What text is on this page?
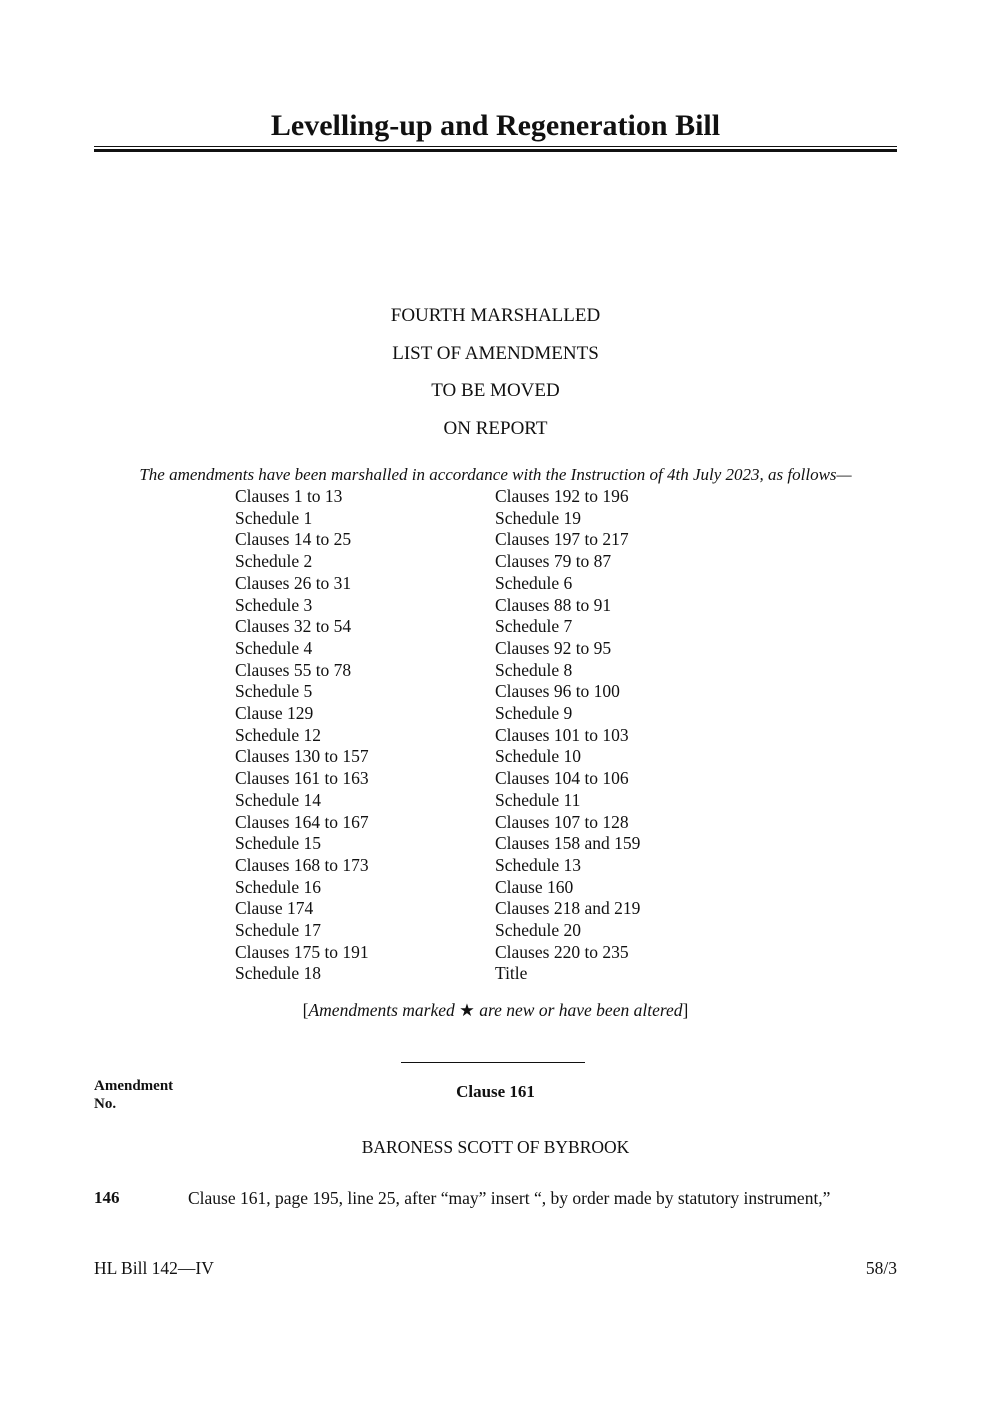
Levelling-up and Regeneration Bill
FOURTH MARSHALLED
LIST OF AMENDMENTS
TO BE MOVED
ON REPORT
The amendments have been marshalled in accordance with the Instruction of 4th July 2023, as follows—
Clauses 1 to 13
Schedule 1
Clauses 14 to 25
Schedule 2
Clauses 26 to 31
Schedule 3
Clauses 32 to 54
Schedule 4
Clauses 55 to 78
Schedule 5
Clause 129
Schedule 12
Clauses 130 to 157
Clauses 161 to 163
Schedule 14
Clauses 164 to 167
Schedule 15
Clauses 168 to 173
Schedule 16
Clause 174
Schedule 17
Clauses 175 to 191
Schedule 18
Clauses 192 to 196
Schedule 19
Clauses 197 to 217
Clauses 79 to 87
Schedule 6
Clauses 88 to 91
Schedule 7
Clauses 92 to 95
Schedule 8
Clauses 96 to 100
Schedule 9
Clauses 101 to 103
Schedule 10
Clauses 104 to 106
Schedule 11
Clauses 107 to 128
Clauses 158 and 159
Schedule 13
Clause 160
Clauses 218 and 219
Schedule 20
Clauses 220 to 235
Title
[Amendments marked ★ are new or have been altered]
Amendment
No.
Clause 161
BARONESS SCOTT OF BYBROOK
146	Clause 161, page 195, line 25, after “may” insert “, by order made by statutory instrument,”
HL Bill 142—IV	58/3
